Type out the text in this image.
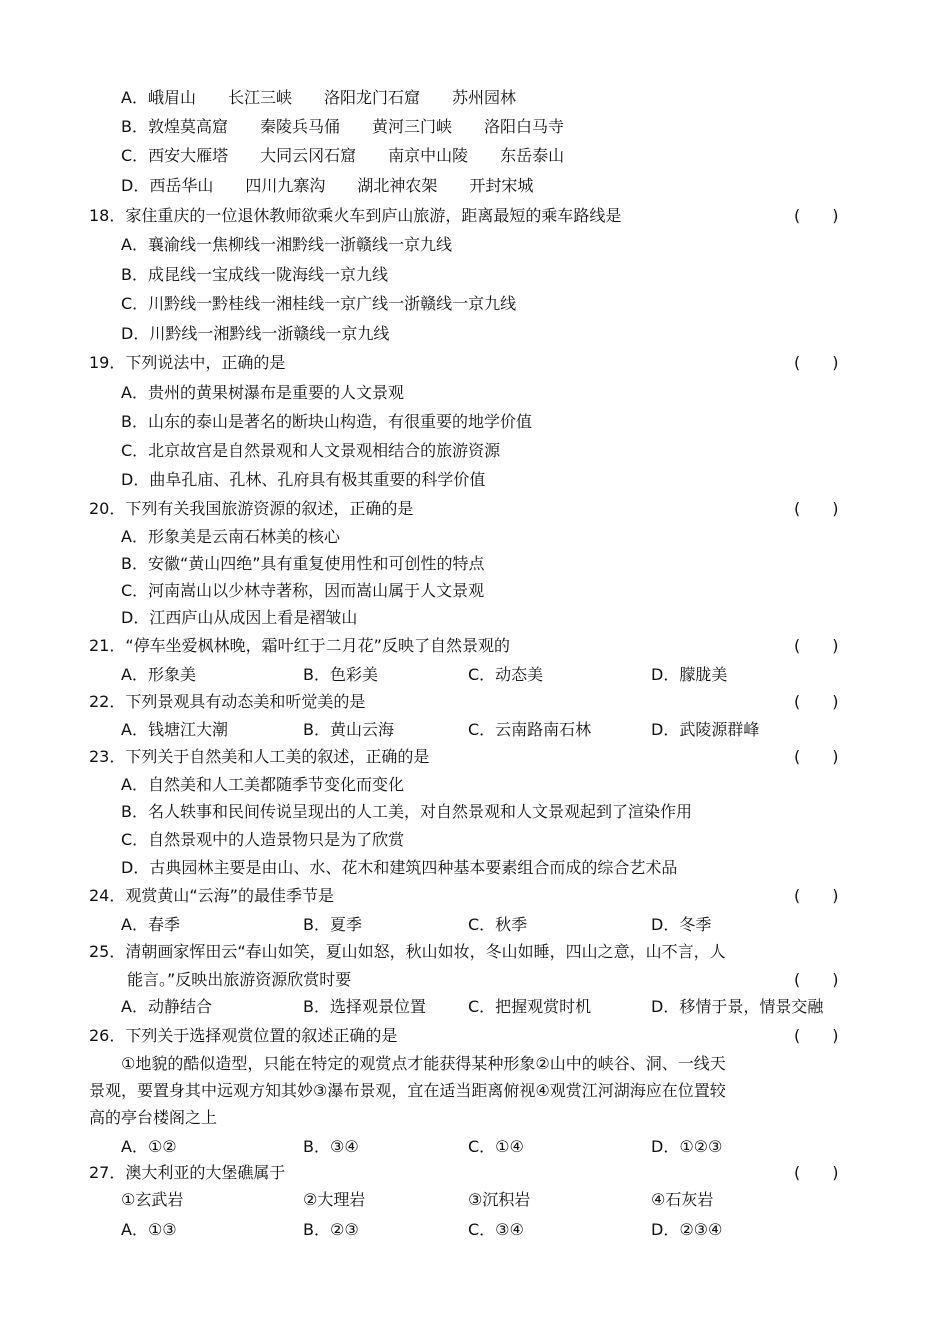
A．峨眉山　　长江三峡　　洛阳龙门石窟　　苏州园林
B．敦煌莫高窟　　秦陵兵马俑　　黄河三门峡　　洛阳白马寺
C．西安大雁塔　　大同云冈石窟　　南京中山陵　　东岳泰山
D．西岳华山　　四川九寨沟　　湖北神农架　　开封宋城
18．家住重庆的一位退休教师欲乘火车到庐山旅游，距离最短的乘车路线是	(　　)
A．襄渝线一焦柳线一湘黔线一浙赣线一京九线
B．成昆线一宝成线一陇海线一京九线
C．川黔线一黔桂线一湘桂线一京广线一浙赣线一京九线
D．川黔线一湘黔线一浙赣线一京九线
19．下列说法中，正确的是	(　　)
A．贵州的黄果树瀑布是重要的人文景观
B．山东的泰山是著名的断块山构造，有很重要的地学价值
C．北京故宫是自然景观和人文景观相结合的旅游资源
D．曲阜孔庙、孔林、孔府具有极其重要的科学价值
20．下列有关我国旅游资源的叙述，正确的是	(　　)
A．形象美是云南石林美的核心
B．安徽“黄山四绝”具有重复使用性和可创性的特点
C．河南嵩山以少林寺著称，因而嵩山属于人文景观
D．江西庐山从成因上看是褶皱山
21．“停车坐爱枫林晚，霜叶红于二月花”反映了自然景观的	(　　)
A．形象美	B．色彩美	C．动态美	D．朦胧美
22．下列景观具有动态美和听觉美的是	(　　)
A．钱塘江大潮	B．黄山云海	C．云南路南石林	D．武陵源群峰
23．下列关于自然美和人工美的叙述，正确的是	(　　)
A．自然美和人工美都随季节变化而变化
B．名人轶事和民间传说呈现出的人工美，对自然景观和人文景观起到了渲染作用
C．自然景观中的人造景物只是为了欣赏
D．古典园林主要是由山、水、花木和建筑四种基本要素组合而成的综合艺术品
24．观赏黄山“云海”的最佳季节是	(　　)
A．春季	B．夏季	C．秋季	D．冬季
25．清朝画家恽田云“春山如笑，夏山如怒，秋山如妆，冬山如睡，四山之意，山不言，人
能言。”反映出旅游资源欣赏时要	(　　)
A．动静结合	B．选择观景位置	C．把握观赏时机	D．移情于景，情景交融
26．下列关于选择观赏位置的叙述正确的是	(　　)
①地貌的酷似造型，只能在特定的观赏点才能获得某种形象②山中的峡谷、洞、一线天
景观，要置身其中远观方知其妙③瀑布景观，宜在适当距离俯视④观赏江河湖海应在位置较
高的亭台楼阁之上
A．①②	B．③④	C．①④	D．①②③
27．澳大利亚的大堡礁属于	(　　)
①玄武岩	②大理岩	③沉积岩	④石灰岩
A．①③	B．②③	C．③④	D．②③④
